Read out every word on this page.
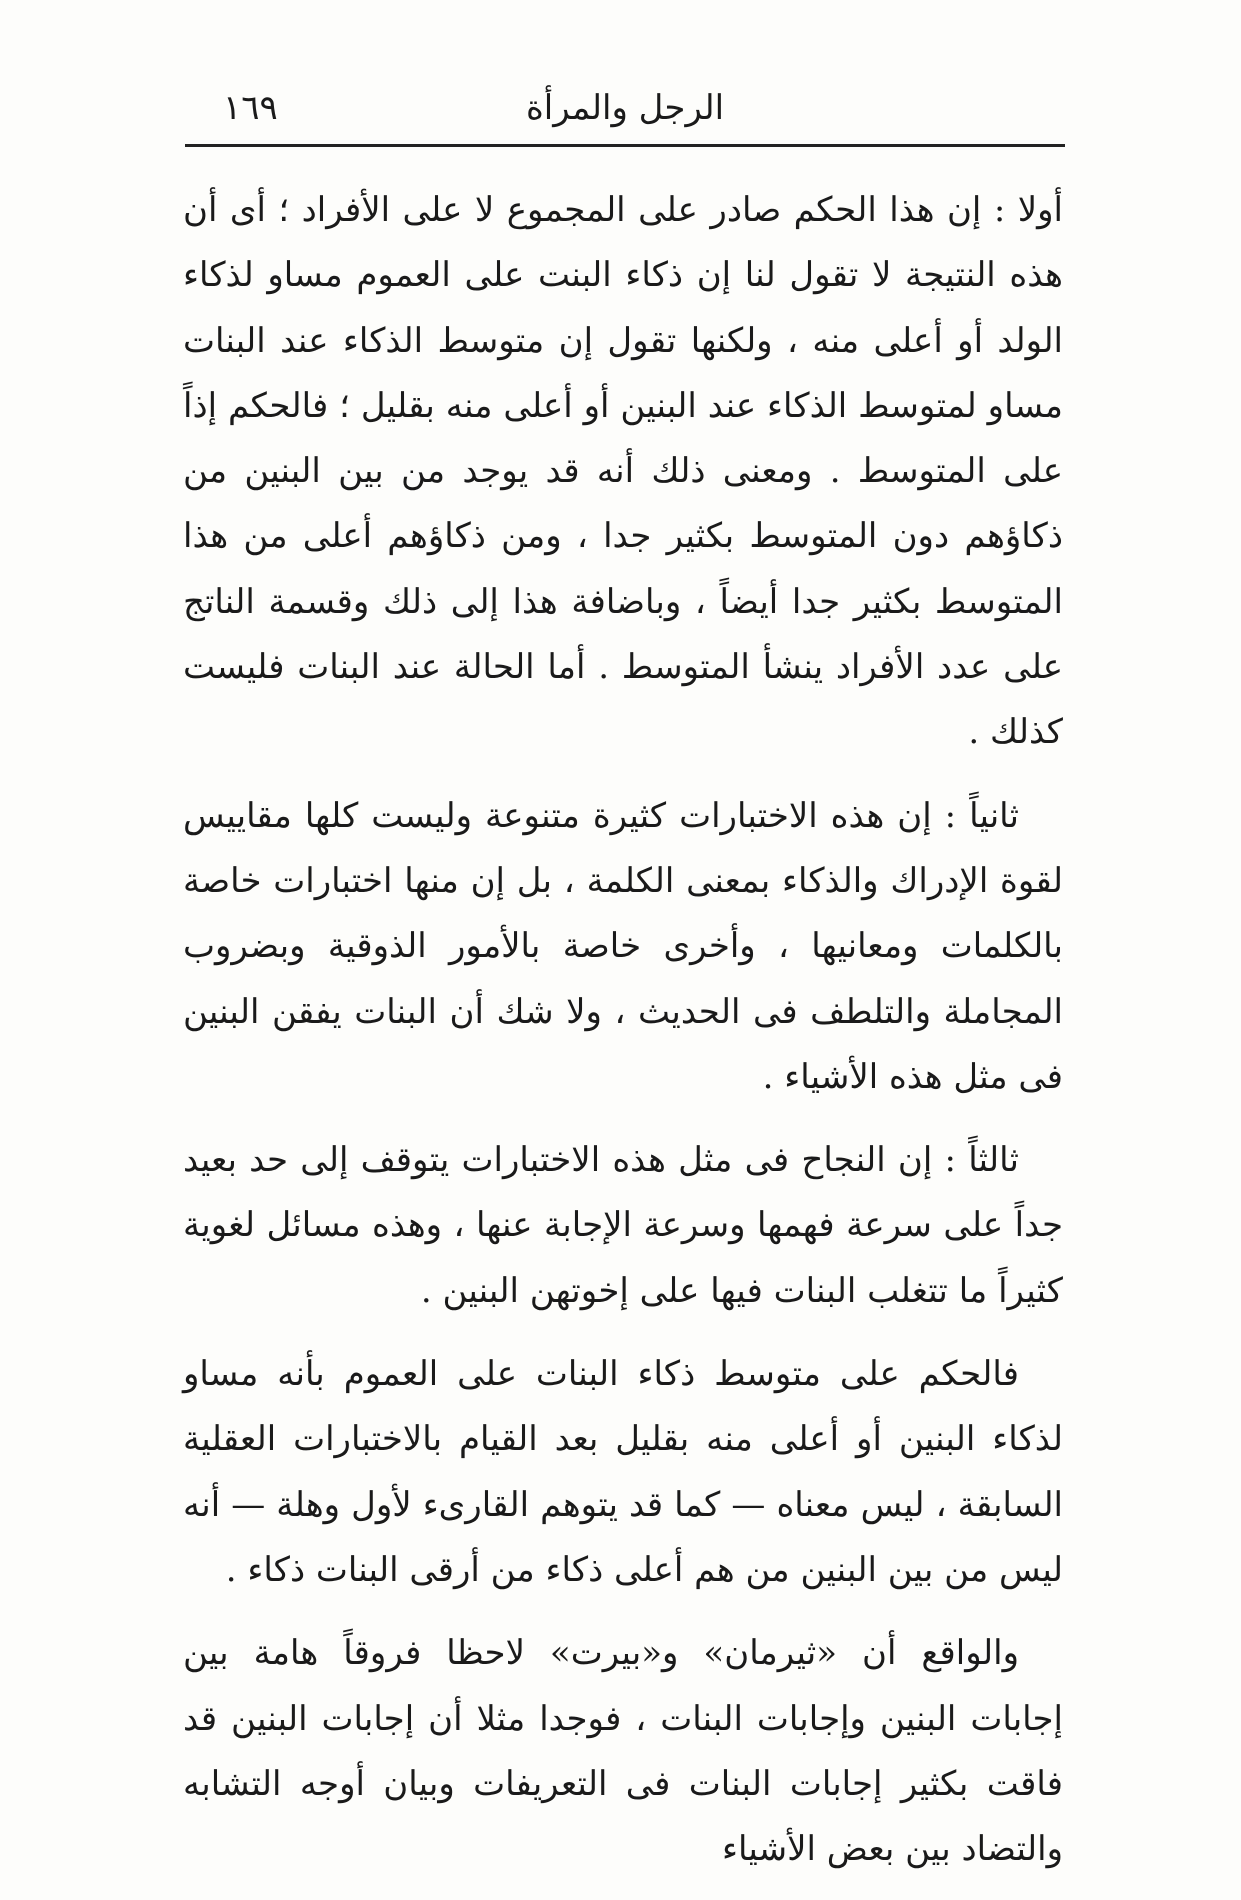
الرجل والمرأة
١٦٩

أولا : إن هذا الحكم صادر على المجموع لا على الأفراد ؛ أى أن هذه النتيجة لا تقول لنا إن ذكاء البنت على العموم مساو لذكاء الولد أو أعلى منه ، ولكنها تقول إن متوسط الذكاء عند البنات مساو لمتوسط الذكاء عند البنين أو أعلى منه بقليل ؛ فالحكم إذاً على المتوسط . ومعنى ذلك أنه قد يوجد من بين البنين من ذكاؤهم دون المتوسط بكثير جدا ، ومن ذكاؤهم أعلى من هذا المتوسط بكثير جدا أيضاً ، وباضافة هذا إلى ذلك وقسمة الناتج على عدد الأفراد ينشأ المتوسط . أما الحالة عند البنات فليست كذلك .

ثانياً : إن هذه الاختبارات كثيرة متنوعة وليست كلها مقاييس لقوة الإدراك والذكاء بمعنى الكلمة ، بل إن منها اختبارات خاصة بالكلمات ومعانيها ، وأخرى خاصة بالأمور الذوقية وبضروب المجاملة والتلطف فى الحديث ، ولا شك أن البنات يفقن البنين فى مثل هذه الأشياء .

ثالثاً : إن النجاح فى مثل هذه الاختبارات يتوقف إلى حد بعيد جداً على سرعة فهمها وسرعة الإجابة عنها ، وهذه مسائل لغوية كثيراً ما تتغلب البنات فيها على إخوتهن البنين .

فالحكم على متوسط ذكاء البنات على العموم بأنه مساو لذكاء البنين أو أعلى منه بقليل بعد القيام بالاختبارات العقلية السابقة ، ليس معناه — كما قد يتوهم القارىء لأول وهلة — أنه ليس من بين البنين من هم أعلى ذكاء من أرقى البنات ذكاء .

والواقع أن «ثيرمان» و«بيرت» لاحظا فروقاً هامة بين إجابات البنين وإجابات البنات ، فوجدا مثلا أن إجابات البنين قد فاقت بكثير إجابات البنات فى التعريفات وبيان أوجه التشابه والتضاد بين بعض الأشياء
